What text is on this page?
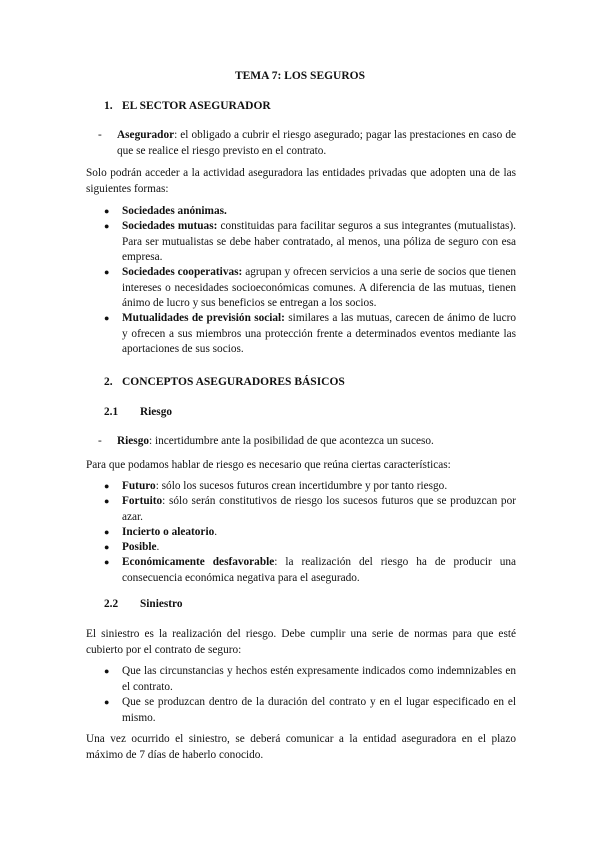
TEMA 7: LOS SEGUROS
1. EL SECTOR ASEGURADOR
- Asegurador: el obligado a cubrir el riesgo asegurado; pagar las prestaciones en caso de que se realice el riesgo previsto en el contrato.
Solo podrán acceder a la actividad aseguradora las entidades privadas que adopten una de las siguientes formas:
● Sociedades anónimas.
● Sociedades mutuas: constituidas para facilitar seguros a sus integrantes (mutualistas). Para ser mutualistas se debe haber contratado, al menos, una póliza de seguro con esa empresa.
● Sociedades cooperativas: agrupan y ofrecen servicios a una serie de socios que tienen intereses o necesidades socioeconómicas comunes. A diferencia de las mutuas, tienen ánimo de lucro y sus beneficios se entregan a los socios.
● Mutualidades de previsión social: similares a las mutuas, carecen de ánimo de lucro y ofrecen a sus miembros una protección frente a determinados eventos mediante las aportaciones de sus socios.
2. CONCEPTOS ASEGURADORES BÁSICOS
2.1 Riesgo
- Riesgo: incertidumbre ante la posibilidad de que acontezca un suceso.
Para que podamos hablar de riesgo es necesario que reúna ciertas características:
● Futuro: sólo los sucesos futuros crean incertidumbre y por tanto riesgo.
● Fortuito: sólo serán constitutivos de riesgo los sucesos futuros que se produzcan por azar.
● Incierto o aleatorio.
● Posible.
● Económicamente desfavorable: la realización del riesgo ha de producir una consecuencia económica negativa para el asegurado.
2.2 Siniestro
El siniestro es la realización del riesgo. Debe cumplir una serie de normas para que esté cubierto por el contrato de seguro:
● Que las circunstancias y hechos estén expresamente indicados como indemnizables en el contrato.
● Que se produzcan dentro de la duración del contrato y en el lugar especificado en el mismo.
Una vez ocurrido el siniestro, se deberá comunicar a la entidad aseguradora en el plazo máximo de 7 días de haberlo conocido.
